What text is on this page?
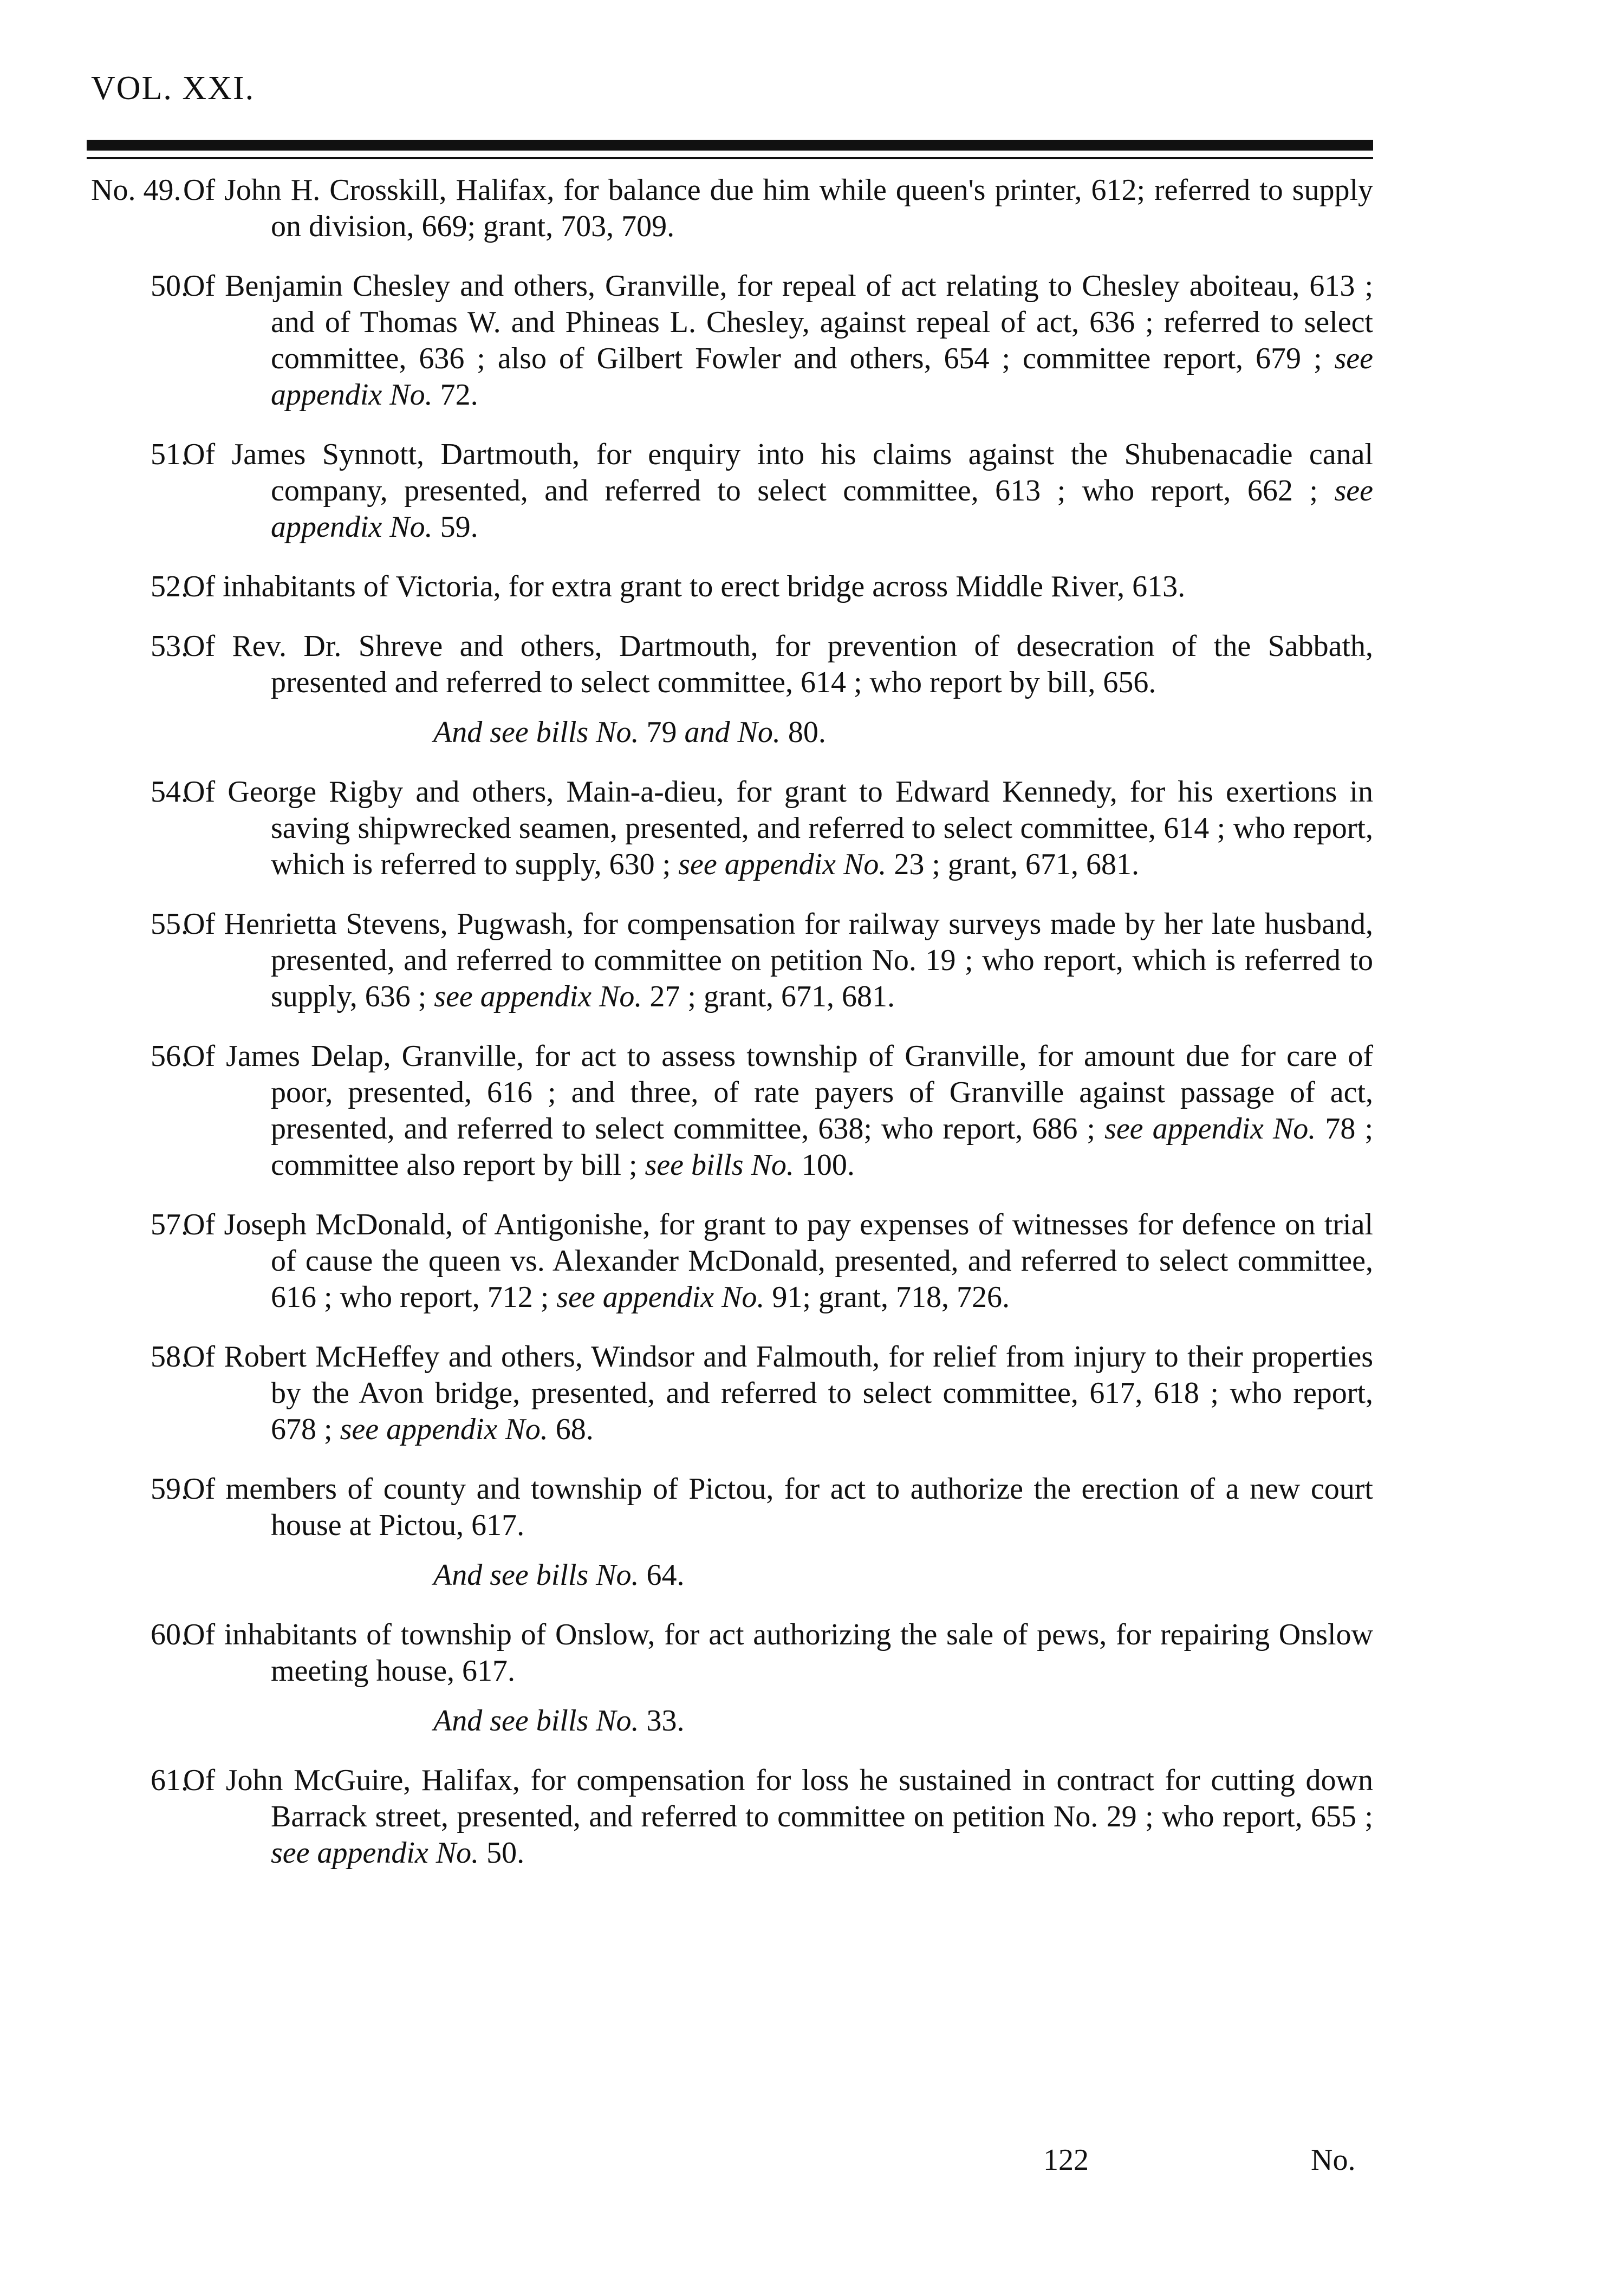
VOL. XXI.
No. 49. Of John H. Crosskill, Halifax, for balance due him while queen's printer, 612; referred to supply on division, 669; grant, 703, 709.
50.
Of Benjamin Chesley and others, Granville, for repeal of act relating to Chesley aboiteau, 613 ; and of Thomas W. and Phineas L. Chesley, against repeal of act, 636 ; referred to select committee, 636 ; also of Gilbert Fowler and others, 654 ; committee report, 679 ; see appendix No. 72.
51.
Of James Synnott, Dartmouth, for enquiry into his claims against the Shubenacadie canal company, presented, and referred to select committee, 613 ; who report, 662 ; see appendix No. 59.
52.
Of inhabitants of Victoria, for extra grant to erect bridge across Middle River, 613.
53.
Of Rev. Dr. Shreve and others, Dartmouth, for prevention of desecration of the Sabbath, presented and referred to select committee, 614 ; who report by bill, 656.
And see bills No. 79 and No. 80.
54.
Of George Rigby and others, Main-a-dieu, for grant to Edward Kennedy, for his exertions in saving shipwrecked seamen, presented, and referred to select committee, 614 ; who report, which is referred to supply, 630 ; see appendix No. 23 ; grant, 671, 681.
55.
Of Henrietta Stevens, Pugwash, for compensation for railway surveys made by her late husband, presented, and referred to committee on petition No. 19 ; who report, which is referred to supply, 636 ; see appendix No. 27 ; grant, 671, 681.
56.
Of James Delap, Granville, for act to assess township of Granville, for amount due for care of poor, presented, 616 ; and three, of rate payers of Granville against passage of act, presented, and referred to select committee, 638; who report, 686 ; see appendix No. 78 ; committee also report by bill ; see bills No. 100.
57.
Of Joseph McDonald, of Antigonishe, for grant to pay expenses of witnesses for defence on trial of cause the queen vs. Alexander McDonald, presented, and referred to select committee, 616 ; who report, 712 ; see appendix No. 91; grant, 718, 726.
58.
Of Robert McHeffey and others, Windsor and Falmouth, for relief from injury to their properties by the Avon bridge, presented, and referred to select committee, 617, 618 ; who report, 678 ; see appendix No. 68.
59.
Of members of county and township of Pictou, for act to authorize the erection of a new court house at Pictou, 617.
And see bills No. 64.
60.
Of inhabitants of township of Onslow, for act authorizing the sale of pews, for repairing Onslow meeting house, 617.
And see bills No. 33.
61.
Of John McGuire, Halifax, for compensation for loss he sustained in contract for cutting down Barrack street, presented, and referred to committee on petition No. 29 ; who report, 655 ; see appendix No. 50.
122	No.
